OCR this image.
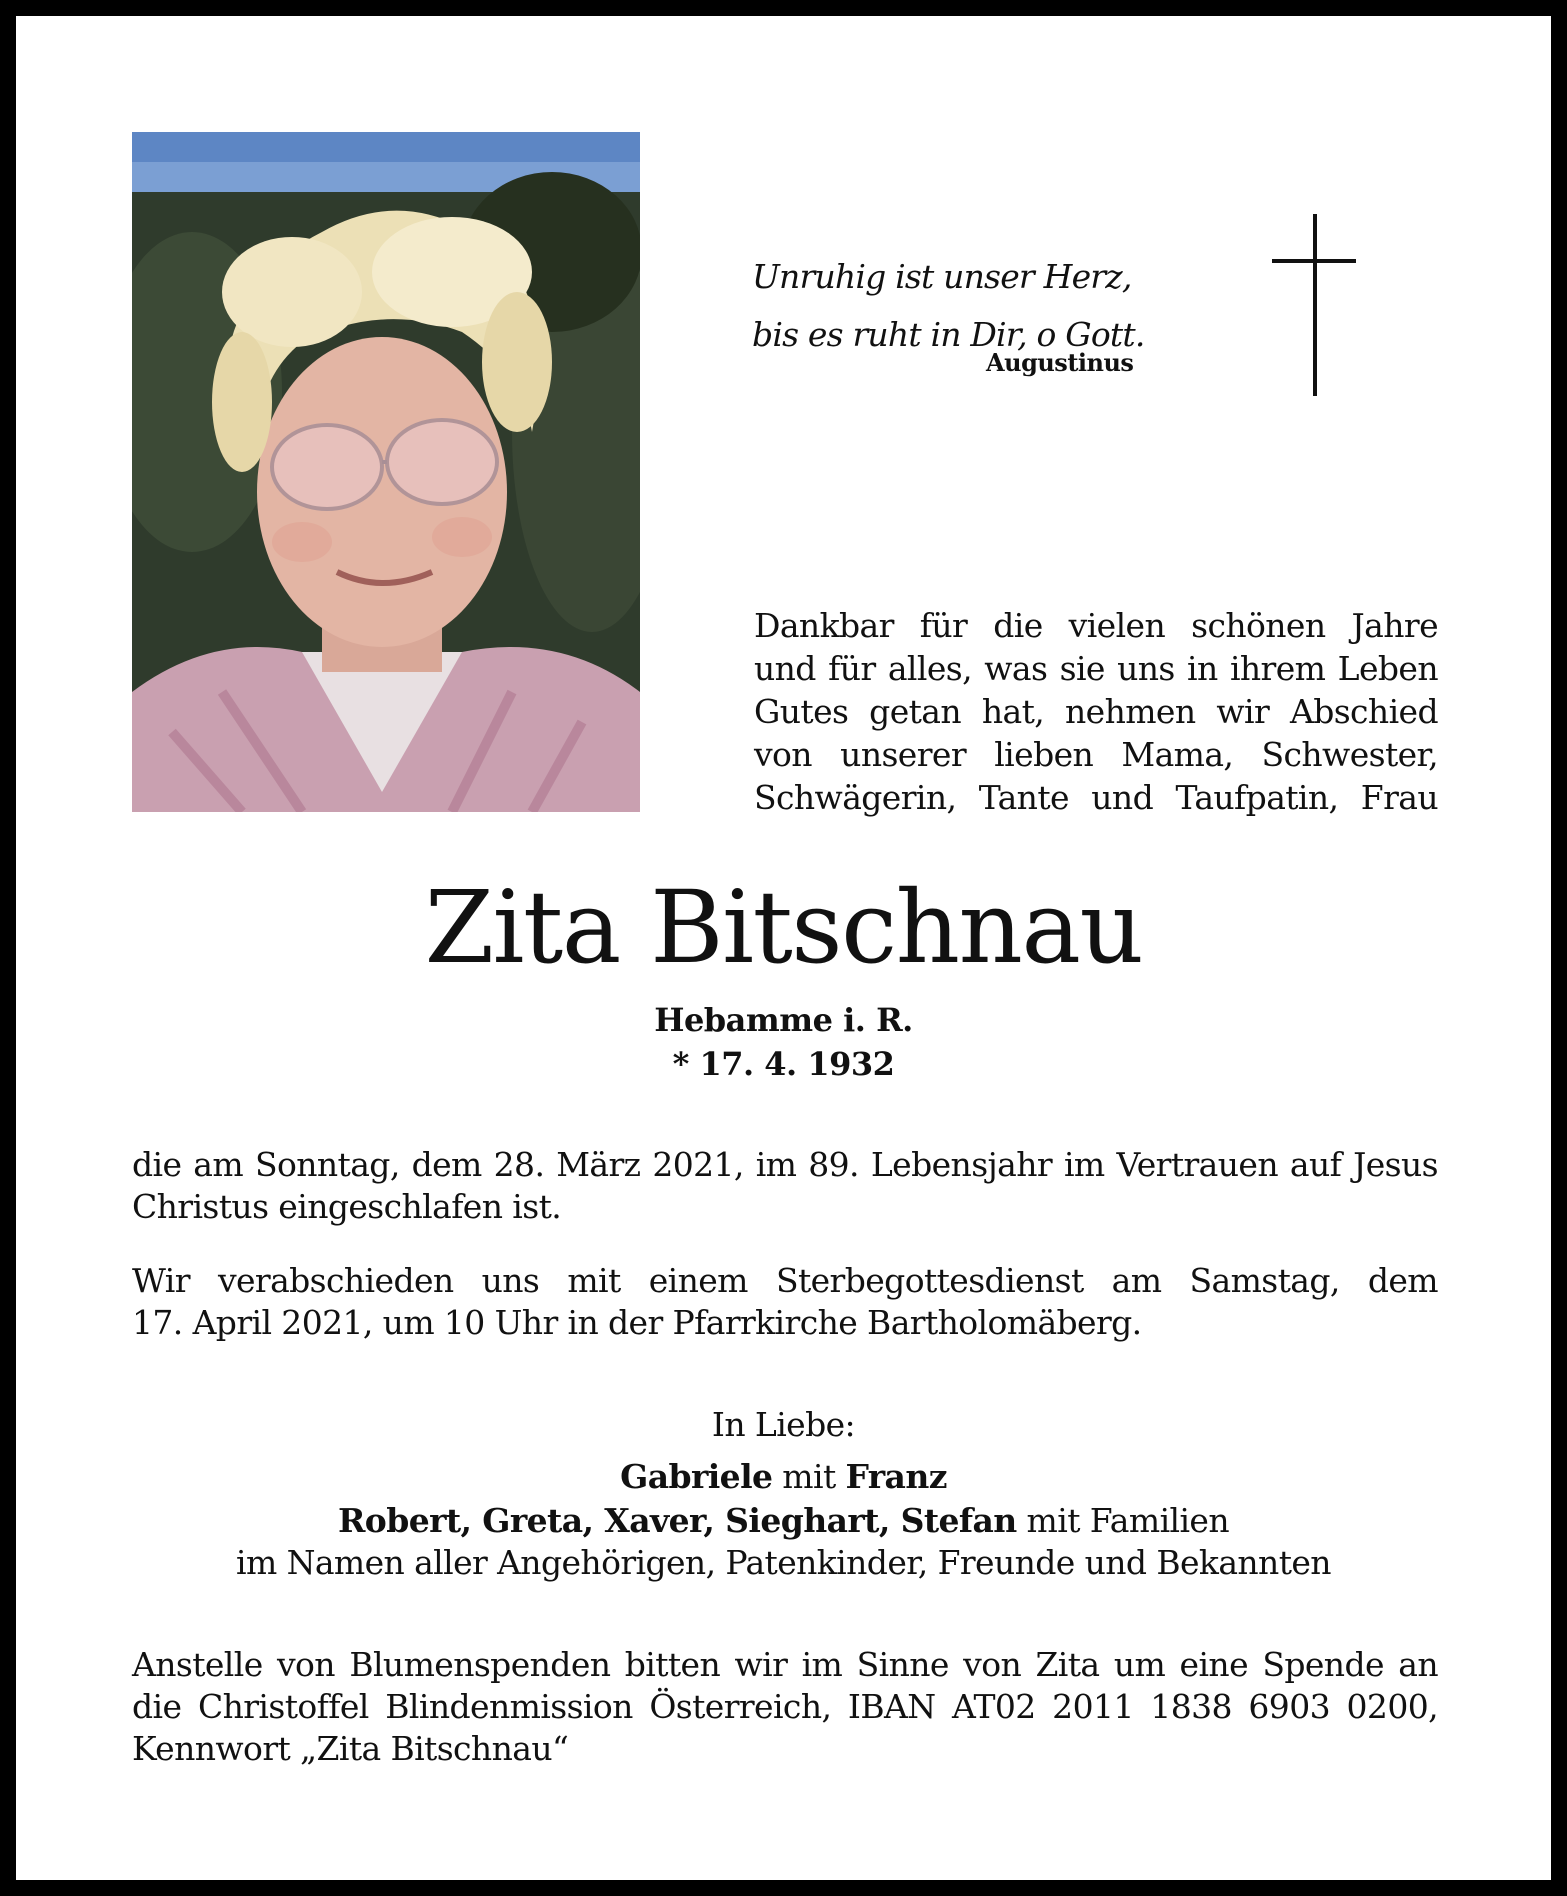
Unruhig ist unser Herz,
bis es ruht in Dir, o Gott.
Augustinus
Dankbar für die vielen schönen Jahre
und für alles, was sie uns in ihrem Leben
Gutes getan hat, nehmen wir Abschied
von unserer lieben Mama, Schwester,
Schwägerin, Tante und Taufpatin, Frau
Zita Bitschnau
Hebamme i. R.
* 17. 4. 1932
die am Sonntag, dem 28. März 2021, im 89. Lebensjahr im Vertrauen auf Jesus
Christus eingeschlafen ist.
Wir verabschieden uns mit einem Sterbegottesdienst am Samstag, dem
17. April 2021, um 10 Uhr in der Pfarrkirche Bartholomäberg.
In Liebe:
Gabriele mit Franz
Robert, Greta, Xaver, Sieghart, Stefan mit Familien
im Namen aller Angehörigen, Patenkinder, Freunde und Bekannten
Anstelle von Blumenspenden bitten wir im Sinne von Zita um eine Spende an
die Christoffel Blindenmission Österreich, IBAN AT02 2011 1838 6903 0200,
Kennwort „Zita Bitschnau“
